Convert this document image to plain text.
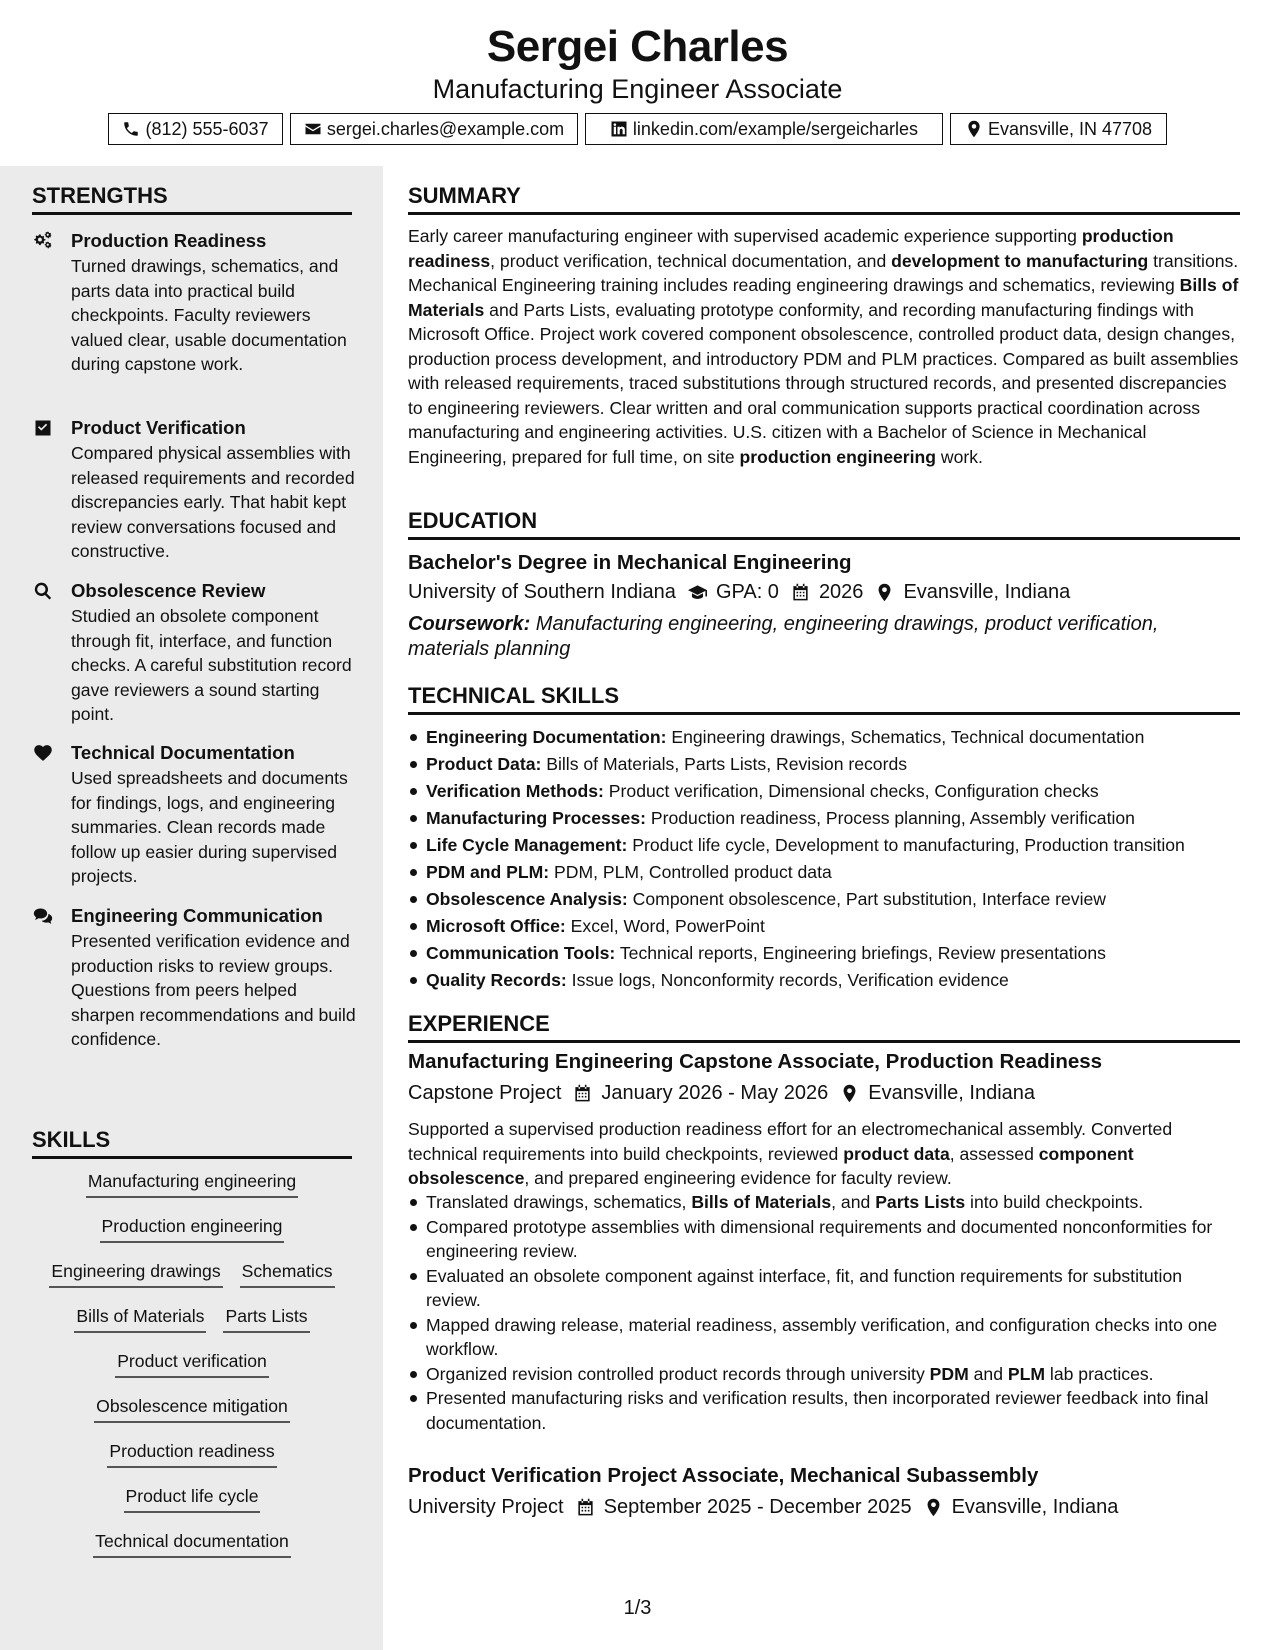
Sergei Charles
Manufacturing Engineer Associate
(812) 555-6037	sergei.charles@example.com	linkedin.com/example/sergeicharles	Evansville, IN 47708
STRENGTHS
Production Readiness
Turned drawings, schematics, and parts data into practical build checkpoints. Faculty reviewers valued clear, usable documentation during capstone work.
Product Verification
Compared physical assemblies with released requirements and recorded discrepancies early. That habit kept review conversations focused and constructive.
Obsolescence Review
Studied an obsolete component through fit, interface, and function checks. A careful substitution record gave reviewers a sound starting point.
Technical Documentation
Used spreadsheets and documents for findings, logs, and engineering summaries. Clean records made follow up easier during supervised projects.
Engineering Communication
Presented verification evidence and production risks to review groups. Questions from peers helped sharpen recommendations and build confidence.
SKILLS
Manufacturing engineering
Production engineering
Engineering drawings Schematics
Bills of Materials Parts Lists
Product verification
Obsolescence mitigation
Production readiness
Product life cycle
Technical documentation
SUMMARY
Early career manufacturing engineer with supervised academic experience supporting production readiness, product verification, technical documentation, and development to manufacturing transitions. Mechanical Engineering training includes reading engineering drawings and schematics, reviewing Bills of Materials and Parts Lists, evaluating prototype conformity, and recording manufacturing findings with Microsoft Office. Project work covered component obsolescence, controlled product data, design changes, production process development, and introductory PDM and PLM practices. Compared as built assemblies with released requirements, traced substitutions through structured records, and presented discrepancies to engineering reviewers. Clear written and oral communication supports practical coordination across manufacturing and engineering activities. U.S. citizen with a Bachelor of Science in Mechanical Engineering, prepared for full time, on site production engineering work.
EDUCATION
Bachelor's Degree in Mechanical Engineering
University of Southern Indiana GPA: 0 2026 Evansville, Indiana
Coursework: Manufacturing engineering, engineering drawings, product verification, materials planning
TECHNICAL SKILLS
Engineering Documentation: Engineering drawings, Schematics, Technical documentation
Product Data: Bills of Materials, Parts Lists, Revision records
Verification Methods: Product verification, Dimensional checks, Configuration checks
Manufacturing Processes: Production readiness, Process planning, Assembly verification
Life Cycle Management: Product life cycle, Development to manufacturing, Production transition
PDM and PLM: PDM, PLM, Controlled product data
Obsolescence Analysis: Component obsolescence, Part substitution, Interface review
Microsoft Office: Excel, Word, PowerPoint
Communication Tools: Technical reports, Engineering briefings, Review presentations
Quality Records: Issue logs, Nonconformity records, Verification evidence
EXPERIENCE
Manufacturing Engineering Capstone Associate, Production Readiness
Capstone Project January 2026 - May 2026 Evansville, Indiana
Supported a supervised production readiness effort for an electromechanical assembly. Converted technical requirements into build checkpoints, reviewed product data, assessed component obsolescence, and prepared engineering evidence for faculty review.
Translated drawings, schematics, Bills of Materials, and Parts Lists into build checkpoints.
Compared prototype assemblies with dimensional requirements and documented nonconformities for engineering review.
Evaluated an obsolete component against interface, fit, and function requirements for substitution review.
Mapped drawing release, material readiness, assembly verification, and configuration checks into one workflow.
Organized revision controlled product records through university PDM and PLM lab practices.
Presented manufacturing risks and verification results, then incorporated reviewer feedback into final documentation.
Product Verification Project Associate, Mechanical Subassembly
University Project September 2025 - December 2025 Evansville, Indiana
1/3
